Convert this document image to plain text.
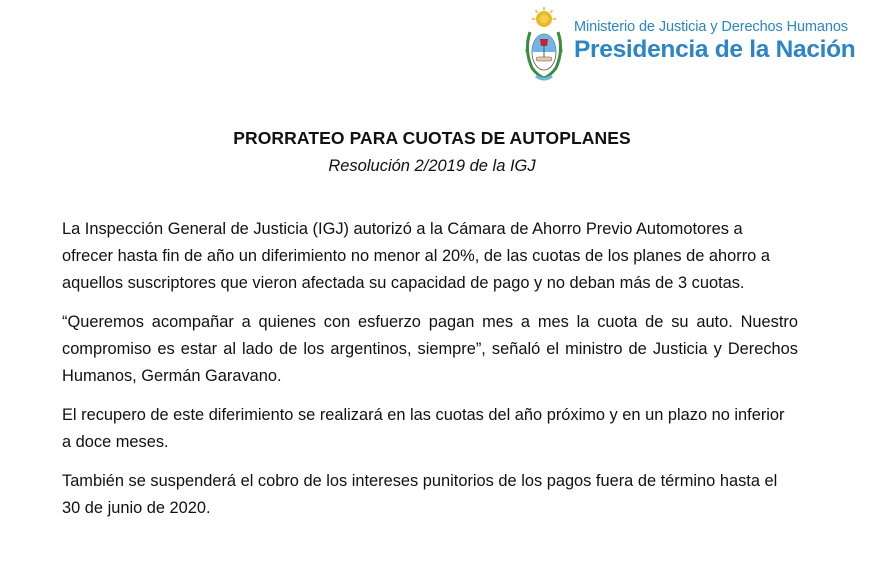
Ministerio de Justicia y Derechos Humanos
Presidencia de la Nación
PRORRATEO PARA CUOTAS DE AUTOPLANES
Resolución 2/2019 de la IGJ

La Inspección General de Justicia (IGJ) autorizó a la Cámara de Ahorro Previo Automotores a ofrecer hasta fin de año un diferimiento no menor al 20%, de las cuotas de los planes de ahorro a aquellos suscriptores que vieron afectada su capacidad de pago y no deban más de 3 cuotas.

“Queremos acompañar a quienes con esfuerzo pagan mes a mes la cuota de su auto. Nuestro compromiso es estar al lado de los argentinos, siempre”, señaló el ministro de Justicia y Derechos Humanos, Germán Garavano.

El recupero de este diferimiento se realizará en las cuotas del año próximo y en un plazo no inferior a doce meses.

También se suspenderá el cobro de los intereses punitorios de los pagos fuera de término hasta el 30 de junio de 2020.
